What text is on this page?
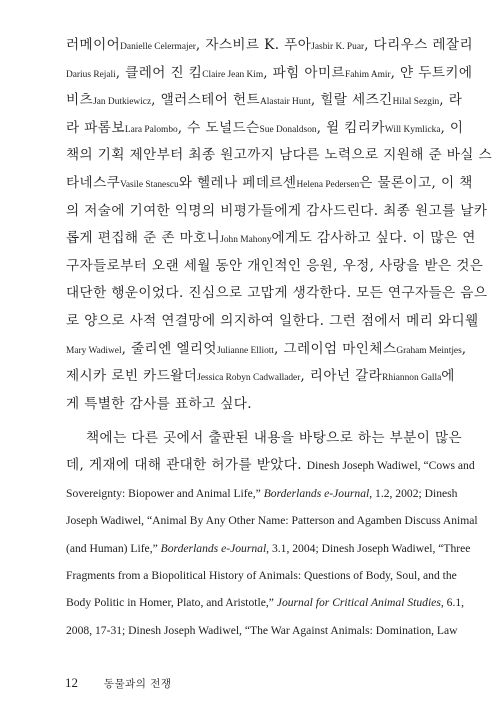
러메이어Danielle Celermajer, 자스비르 K. 푸아Jasbir K. Puar, 다리우스 레잘리
Darius Rejali, 클레어 진 킴Claire Jean Kim, 파힘 아미르Fahim Amir, 얀 두트키에
비츠Jan Dutkiewicz, 앨러스테어 헌트Alastair Hunt, 힐랄 세즈긴Hilal Sezgin, 라
라 파롬보Lara Palombo, 수 도널드슨Sue Donaldson, 윌 킴리카Will Kymlicka, 이
책의 기획 제안부터 최종 원고까지 남다른 노력으로 지원해 준 바실 스
타네스쿠Vasile Stanescu와 헬레나 페데르센Helena Pedersen은 물론이고, 이 책
의 저술에 기여한 익명의 비평가들에게 감사드린다. 최종 원고를 날카
롭게 편집해 준 존 마호니John Mahony에게도 감사하고 싶다. 이 많은 연
구자들로부터 오랜 세월 동안 개인적인 응원, 우정, 사랑을 받은 것은
대단한 행운이었다. 진심으로 고맙게 생각한다. 모든 연구자들은 음으
로 양으로 사적 연결망에 의지하여 일한다. 그런 점에서 메리 와디웰
Mary Wadiwel, 줄리엔 엘리엇Julianne Elliott, 그레이엄 마인체스Graham Meintjes,
제시카 로빈 카드왈더Jessica Robyn Cadwallader, 리아넌 갈라Rhiannon Galla에
게 특별한 감사를 표하고 싶다.
책에는 다른 곳에서 출판된 내용을 바탕으로 하는 부분이 많은
데, 게재에 대해 관대한 허가를 받았다. Dinesh Joseph Wadiwel, “Cows and
Sovereignty: Biopower and Animal Life,” Borderlands e-Journal, 1.2, 2002; Dinesh
Joseph Wadiwel, “Animal By Any Other Name: Patterson and Agamben Discuss Animal
(and Human) Life,” Borderlands e-Journal, 3.1, 2004; Dinesh Joseph Wadiwel, “Three
Fragments from a Biopolitical History of Animals: Questions of Body, Soul, and the
Body Politic in Homer, Plato, and Aristotle,” Journal for Critical Animal Studies, 6.1,
2008, 17-31; Dinesh Joseph Wadiwel, “The War Against Animals: Domination, Law
12 동물과의 전쟁
